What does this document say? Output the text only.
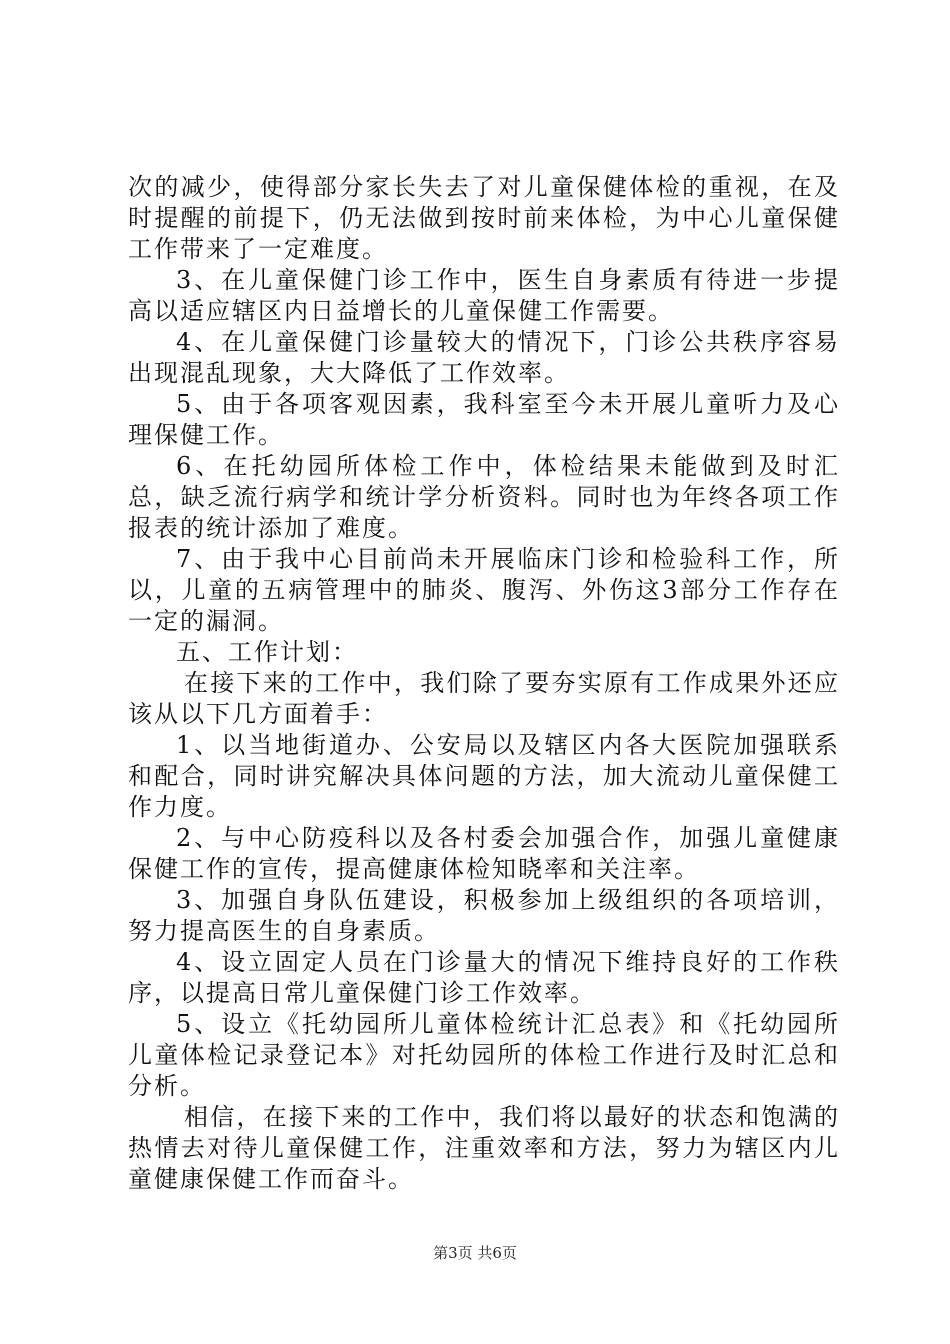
次的减少，使得部分家长失去了对儿童保健体检的重视，在及时提醒的前提下，仍无法做到按时前来体检，为中心儿童保健工作带来了一定难度。

3、在儿童保健门诊工作中，医生自身素质有待进一步提高以适应辖区内日益增长的儿童保健工作需要。

4、在儿童保健门诊量较大的情况下，门诊公共秩序容易出现混乱现象，大大降低了工作效率。

5、由于各项客观因素，我科室至今未开展儿童听力及心理保健工作。

6、在托幼园所体检工作中，体检结果未能做到及时汇总，缺乏流行病学和统计学分析资料。同时也为年终各项工作报表的统计添加了难度。

7、由于我中心目前尚未开展临床门诊和检验科工作，所以，儿童的五病管理中的肺炎、腹泻、外伤这3部分工作存在一定的漏洞。

五、工作计划：

在接下来的工作中，我们除了要夯实原有工作成果外还应该从以下几方面着手：

1、以当地街道办、公安局以及辖区内各大医院加强联系和配合，同时讲究解决具体问题的方法，加大流动儿童保健工作力度。

2、与中心防疫科以及各村委会加强合作，加强儿童健康保健工作的宣传，提高健康体检知晓率和关注率。

3、加强自身队伍建设，积极参加上级组织的各项培训，努力提高医生的自身素质。

4、设立固定人员在门诊量大的情况下维持良好的工作秩序，以提高日常儿童保健门诊工作效率。

5、设立《托幼园所儿童体检统计汇总表》和《托幼园所儿童体检记录登记本》对托幼园所的体检工作进行及时汇总和分析。

相信，在接下来的工作中，我们将以最好的状态和饱满的热情去对待儿童保健工作，注重效率和方法，努力为辖区内儿童健康保健工作而奋斗。

第3页 共6页
